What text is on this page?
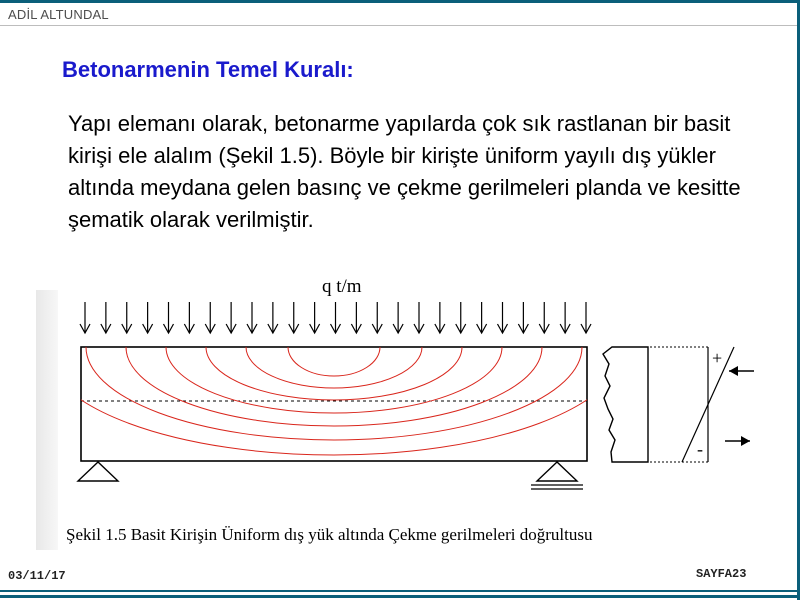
ADİL ALTUNDAL
Betonarmenin Temel Kuralı:

Yapı elemanı olarak, betonarme yapılarda çok sık rastlanan bir basit kirişi ele alalım (Şekil 1.5). Böyle bir kirişte üniform yayılı dış yükler altında meydana gelen basınç ve çekme gerilmeleri planda ve kesitte şematik olarak verilmiştir.

q t/m
+
-
Şekil 1.5 Basit Kirişin Üniform dış yük altında Çekme gerilmeleri doğrultusu
03/11/17	SAYFA23
